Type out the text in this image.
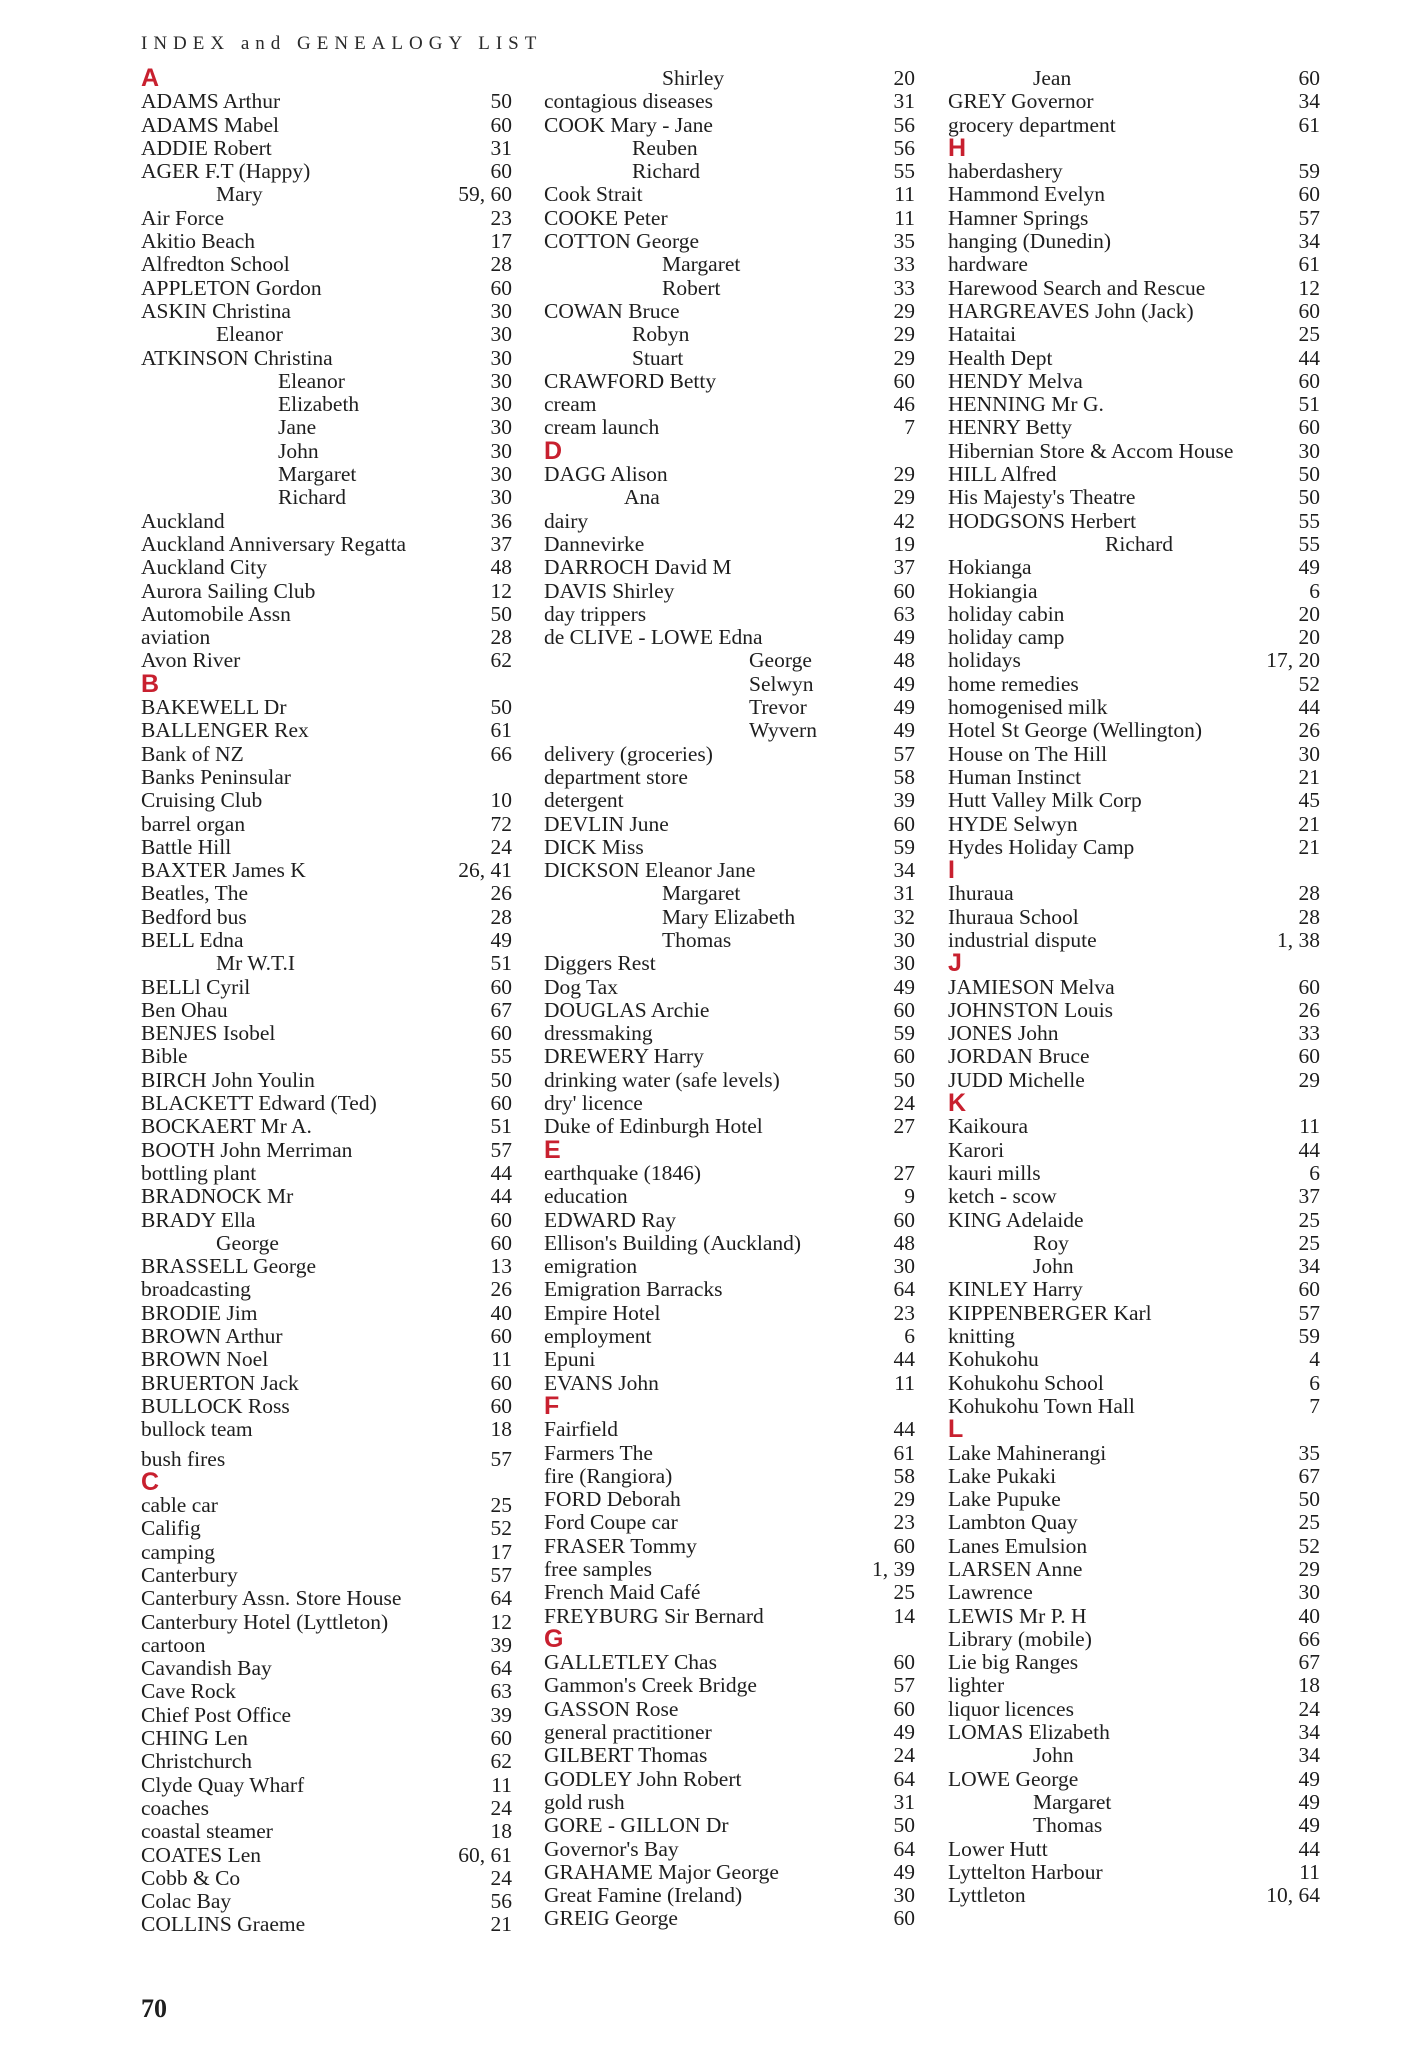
INDEX and GENEALOGY LIST
A
ADAMS Arthur	50
ADAMS Mabel	60
ADDIE Robert	31
AGER F.T (Happy)	60
Mary	59, 60
Air Force	23
Akitio Beach	17
Alfredton School	28
APPLETON Gordon	60
ASKIN Christina	30
Eleanor	30
ATKINSON Christina	30
Eleanor	30
Elizabeth	30
Jane	30
John	30
Margaret	30
Richard	30
Auckland	36
Auckland Anniversary Regatta	37
Auckland City	48
Aurora Sailing Club	12
Automobile Assn	50
aviation	28
Avon River	62
B
BAKEWELL Dr	50
BALLENGER Rex	61
Bank of NZ	66
Banks Peninsular
Cruising Club	10
barrel organ	72
Battle Hill	24
BAXTER James K	26, 41
Beatles, The	26
Bedford bus	28
BELL Edna	49
Mr W.T.I	51
BELLl Cyril	60
Ben Ohau	67
BENJES Isobel	60
Bible	55
BIRCH John Youlin	50
BLACKETT Edward (Ted)	60
BOCKAERT Mr A.	51
BOOTH John Merriman	57
bottling plant	44
BRADNOCK Mr	44
BRADY Ella	60
George	60
BRASSELL George	13
broadcasting	26
BRODIE Jim	40
BROWN Arthur	60
BROWN Noel	11
BRUERTON Jack	60
BULLOCK Ross	60
bullock team	18
bush fires	57
C
cable car	25
Califig	52
camping	17
Canterbury	57
Canterbury Assn. Store House	64
Canterbury Hotel (Lyttleton)	12
cartoon	39
Cavandish Bay	64
Cave Rock	63
Chief Post Office	39
CHING Len	60
Christchurch	62
Clyde Quay Wharf	11
coaches	24
coastal steamer	18
COATES Len	60, 61
Cobb & Co	24
Colac Bay	56
COLLINS Graeme	21
Shirley	20
contagious diseases	31
COOK Mary - Jane	56
Reuben	56
Richard	55
Cook Strait	11
COOKE Peter	11
COTTON George	35
Margaret	33
Robert	33
COWAN Bruce	29
Robyn	29
Stuart	29
CRAWFORD Betty	60
cream	46
cream launch	7
D
DAGG Alison	29
Ana	29
dairy	42
Dannevirke	19
DARROCH David M	37
DAVIS Shirley	60
day trippers	63
de CLIVE - LOWE Edna	49
George	48
Selwyn	49
Trevor	49
Wyvern	49
delivery (groceries)	57
department store	58
detergent	39
DEVLIN June	60
DICK Miss	59
DICKSON Eleanor Jane	34
Margaret	31
Mary Elizabeth	32
Thomas	30
Diggers Rest	30
Dog Tax	49
DOUGLAS Archie	60
dressmaking	59
DREWERY Harry	60
drinking water (safe levels)	50
dry' licence	24
Duke of Edinburgh Hotel	27
E
earthquake (1846)	27
education	9
EDWARD Ray	60
Ellison's Building (Auckland)	48
emigration	30
Emigration Barracks	64
Empire Hotel	23
employment	6
Epuni	44
EVANS John	11
F
Fairfield	44
Farmers The	61
fire (Rangiora)	58
FORD Deborah	29
Ford Coupe car	23
FRASER Tommy	60
free samples	1, 39
French Maid Café	25
FREYBURG Sir Bernard	14
G
GALLETLEY Chas	60
Gammon's Creek Bridge	57
GASSON Rose	60
general practitioner	49
GILBERT Thomas	24
GODLEY John Robert	64
gold rush	31
GORE - GILLON Dr	50
Governor's Bay	64
GRAHAME Major George	49
Great Famine (Ireland)	30
GREIG George	60
Jean	60
GREY Governor	34
grocery department	61
H
haberdashery	59
Hammond Evelyn	60
Hamner Springs	57
hanging (Dunedin)	34
hardware	61
Harewood Search and Rescue	12
HARGREAVES John (Jack)	60
Hataitai	25
Health Dept	44
HENDY Melva	60
HENNING Mr G.	51
HENRY Betty	60
Hibernian Store & Accom House	30
HILL Alfred	50
His Majesty's Theatre	50
HODGSONS Herbert	55
Richard	55
Hokianga	49
Hokiangia	6
holiday cabin	20
holiday camp	20
holidays	17, 20
home remedies	52
homogenised milk	44
Hotel St George (Wellington)	26
House on The Hill	30
Human Instinct	21
Hutt Valley Milk Corp	45
HYDE Selwyn	21
Hydes Holiday Camp	21
I
Ihuraua	28
Ihuraua School	28
industrial dispute	1, 38
J
JAMIESON Melva	60
JOHNSTON Louis	26
JONES John	33
JORDAN Bruce	60
JUDD Michelle	29
K
Kaikoura	11
Karori	44
kauri mills	6
ketch - scow	37
KING Adelaide	25
Roy	25
John	34
KINLEY Harry	60
KIPPENBERGER Karl	57
knitting	59
Kohukohu	4
Kohukohu School	6
Kohukohu Town Hall	7
L
Lake Mahinerangi	35
Lake Pukaki	67
Lake Pupuke	50
Lambton Quay	25
Lanes Emulsion	52
LARSEN Anne	29
Lawrence	30
LEWIS Mr P. H	40
Library (mobile)	66
Lie big Ranges	67
lighter	18
liquor licences	24
LOMAS Elizabeth	34
John	34
LOWE George	49
Margaret	49
Thomas	49
Lower Hutt	44
Lyttelton Harbour	11
Lyttleton	10, 64
70
